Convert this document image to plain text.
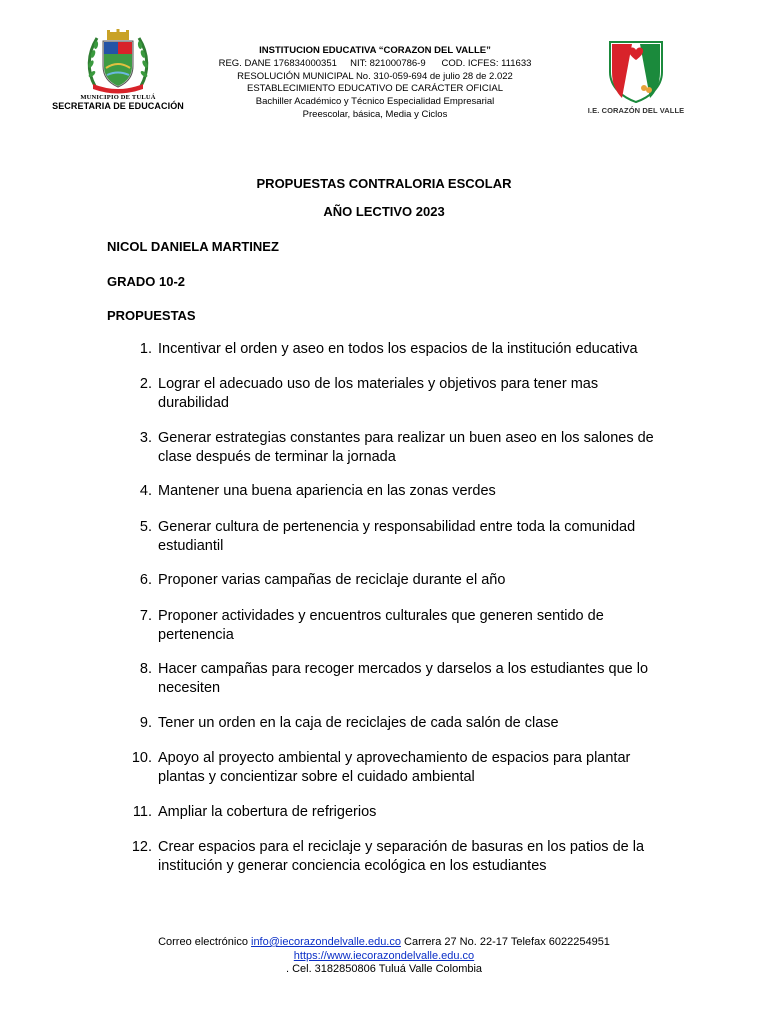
MUNICIPIO DE TULUÁ
SECRETARIA DE EDUCACIÓN
INSTITUCION EDUCATIVA “CORAZON DEL VALLE”
REG. DANE 176834000351     NIT: 821000786-9      COD. ICFES: 111633
RESOLUCIÓN MUNICIPAL No. 310-059-694 de julio 28 de 2.022
ESTABLECIMIENTO EDUCATIVO DE CARÁCTER OFICIAL
Bachiller Académico y Técnico Especialidad Empresarial
Preescolar, básica, Media y Ciclos	I.E. CORAZÓN DEL VALLE
PROPUESTAS CONTRALORIA ESCOLAR
AÑO LECTIVO 2023
NICOL DANIELA MARTINEZ
GRADO 10-2
PROPUESTAS
1. Incentivar el orden y aseo en todos los espacios de la institución educativa
2. Lograr el adecuado uso de los materiales y objetivos para tener mas durabilidad
3. Generar estrategias constantes para realizar un buen aseo en los salones de clase después de terminar la jornada
4. Mantener una buena apariencia en las zonas verdes
5. Generar cultura de pertenencia y responsabilidad entre toda la comunidad estudiantil
6. Proponer varias campañas de reciclaje durante el año
7. Proponer actividades y encuentros culturales que generen sentido de pertenencia
8. Hacer campañas para recoger mercados y darselos a los estudiantes que lo necesiten
9. Tener un orden en la caja de reciclajes de cada salón de clase
10. Apoyo al proyecto ambiental y aprovechamiento de espacios para plantar plantas y concientizar sobre el cuidado ambiental
11. Ampliar la cobertura de refrigerios
12. Crear espacios para el reciclaje y separación de basuras en los patios de la institución y generar conciencia ecológica en los estudiantes
Correo electrónico info@iecorazondelvalle.edu.co Carrera 27 No. 22-17 Telefax 6022254951
https://www.iecorazondelvalle.edu.co
. Cel. 3182850806 Tuluá Valle Colombia
